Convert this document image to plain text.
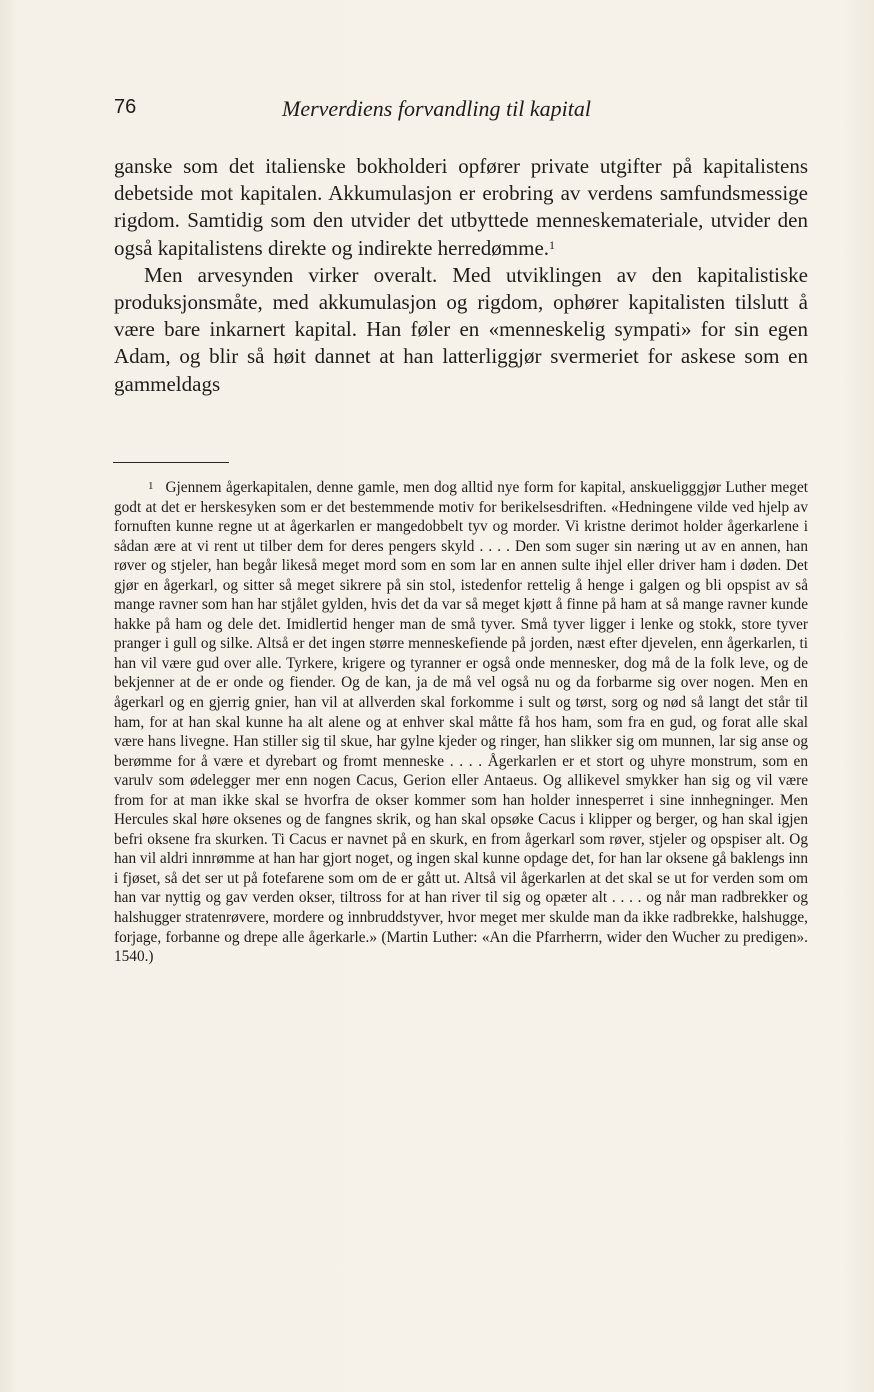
76	Merverdiens forvandling til kapital

ganske som det italienske bokholderi opfører private utgifter på kapitalistens debetside mot kapitalen. Akkumulasjon er erobring av verdens samfundsmessige rigdom. Samtidig som den utvider det utbyttede menneskemateriale, utvider den også kapitalistens direkte og indirekte herredømme.$^1$

Men arvesynden virker overalt. Med utviklingen av den kapitalistiske produksjonsmåte, med akkumulasjon og rigdom, ophører kapitalisten tilslutt å være bare inkarnert kapital. Han føler en «menneskelig sympati» for sin egen Adam, og blir så høit dannet at han latterliggjør svermeriet for askese som en gammeldags

1 Gjennem ågerkapitalen, denne gamle, men dog alltid nye form for kapital, anskueligggjør Luther meget godt at det er herskesyken som er det bestemmende motiv for berikelsesdriften. «Hedningene vilde ved hjelp av fornuften kunne regne ut at ågerkarlen er mangedobbelt tyv og morder. Vi kristne derimot holder ågerkarlene i sådan ære at vi rent ut tilber dem for deres pengers skyld . . . . Den som suger sin næring ut av en annen, han røver og stjeler, han begår likeså meget mord som en som lar en annen sulte ihjel eller driver ham i døden. Det gjør en ågerkarl, og sitter så meget sikrere på sin stol, istedenfor rettelig å henge i galgen og bli opspist av så mange ravner som han har stjålet gylden, hvis det da var så meget kjøtt å finne på ham at så mange ravner kunde hakke på ham og dele det. Imidlertid henger man de små tyver. Små tyver ligger i lenke og stokk, store tyver pranger i gull og silke. Altså er det ingen større menneskefiende på jorden, næst efter djevelen, enn ågerkarlen, ti han vil være gud over alle. Tyrkere, krigere og tyranner er også onde mennesker, dog må de la folk leve, og de bekjenner at de er onde og fiender. Og de kan, ja de må vel også nu og da forbarme sig over nogen. Men en ågerkarl og en gjerrig gnier, han vil at allverden skal forkomme i sult og tørst, sorg og nød så langt det står til ham, for at han skal kunne ha alt alene og at enhver skal måtte få hos ham, som fra en gud, og forat alle skal være hans livegne. Han stiller sig til skue, har gylne kjeder og ringer, han slikker sig om munnen, lar sig anse og berømme for å være et dyrebart og fromt menneske . . . . Ågerkarlen er et stort og uhyre monstrum, som en varulv som ødelegger mer enn nogen Cacus, Gerion eller Antaeus. Og allikevel smykker han sig og vil være from for at man ikke skal se hvorfra de okser kommer som han holder innesperret i sine innhegninger. Men Hercules skal høre oksenes og de fangnes skrik, og han skal opsøke Cacus i klipper og berger, og han skal igjen befri oksene fra skurken. Ti Cacus er navnet på en skurk, en from ågerkarl som røver, stjeler og opspiser alt. Og han vil aldri innrømme at han har gjort noget, og ingen skal kunne opdage det, for han lar oksene gå baklengs inn i fjøset, så det ser ut på fotefarene som om de er gått ut. Altså vil ågerkarlen at det skal se ut for verden som om han var nyttig og gav verden okser, tiltross for at han river til sig og opæter alt . . . . og når man radbrekker og halshugger stratenrøvere, mordere og innbruddstyver, hvor meget mer skulde man da ikke radbrekke, halshugge, forjage, forbanne og drepe alle ågerkarle.» (Martin Luther: «An die Pfarrherrn, wider den Wucher zu predigen». 1540.)
